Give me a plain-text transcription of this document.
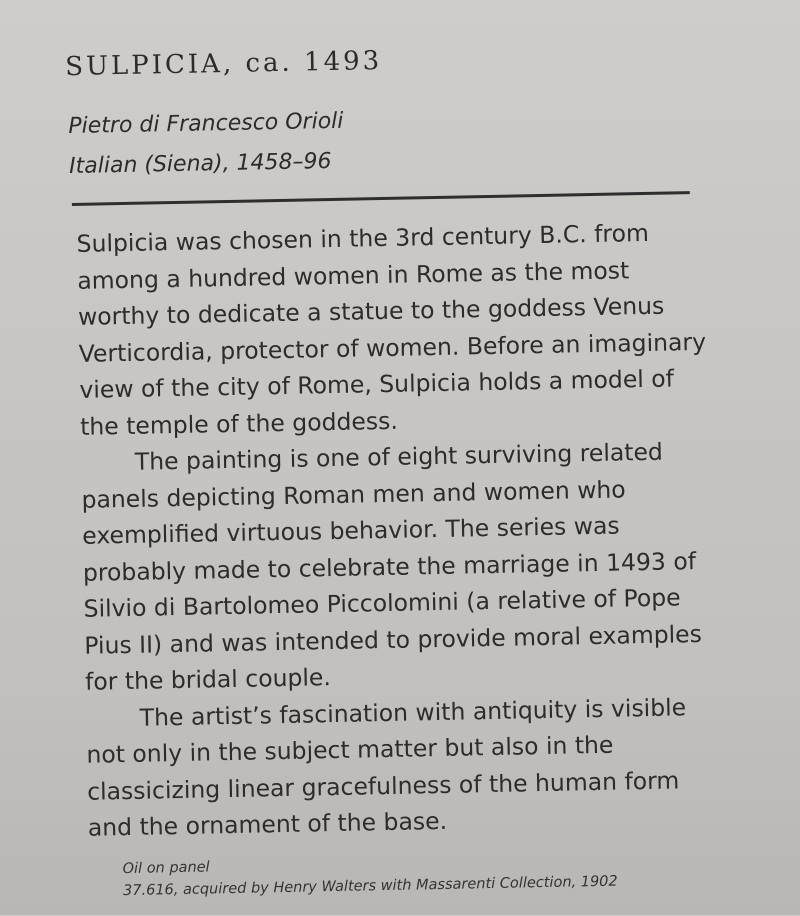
SULPICIA, ca. 1493
Pietro di Francesco Orioli
Italian (Siena), 1458–96

Sulpicia was chosen in the 3rd century B.C. from among a hundred women in Rome as the most worthy to dedicate a statue to the goddess Venus Verticordia, protector of women. Before an imaginary view of the city of Rome, Sulpicia holds a model of the temple of the goddess.

The painting is one of eight surviving related panels depicting Roman men and women who exemplified virtuous behavior. The series was probably made to celebrate the marriage in 1493 of Silvio di Bartolomeo Piccolomini (a relative of Pope Pius II) and was intended to provide moral examples for the bridal couple.

The artist’s fascination with antiquity is visible not only in the subject matter but also in the classicizing linear gracefulness of the human form and the ornament of the base.

Oil on panel
37.616, acquired by Henry Walters with Massarenti Collection, 1902
